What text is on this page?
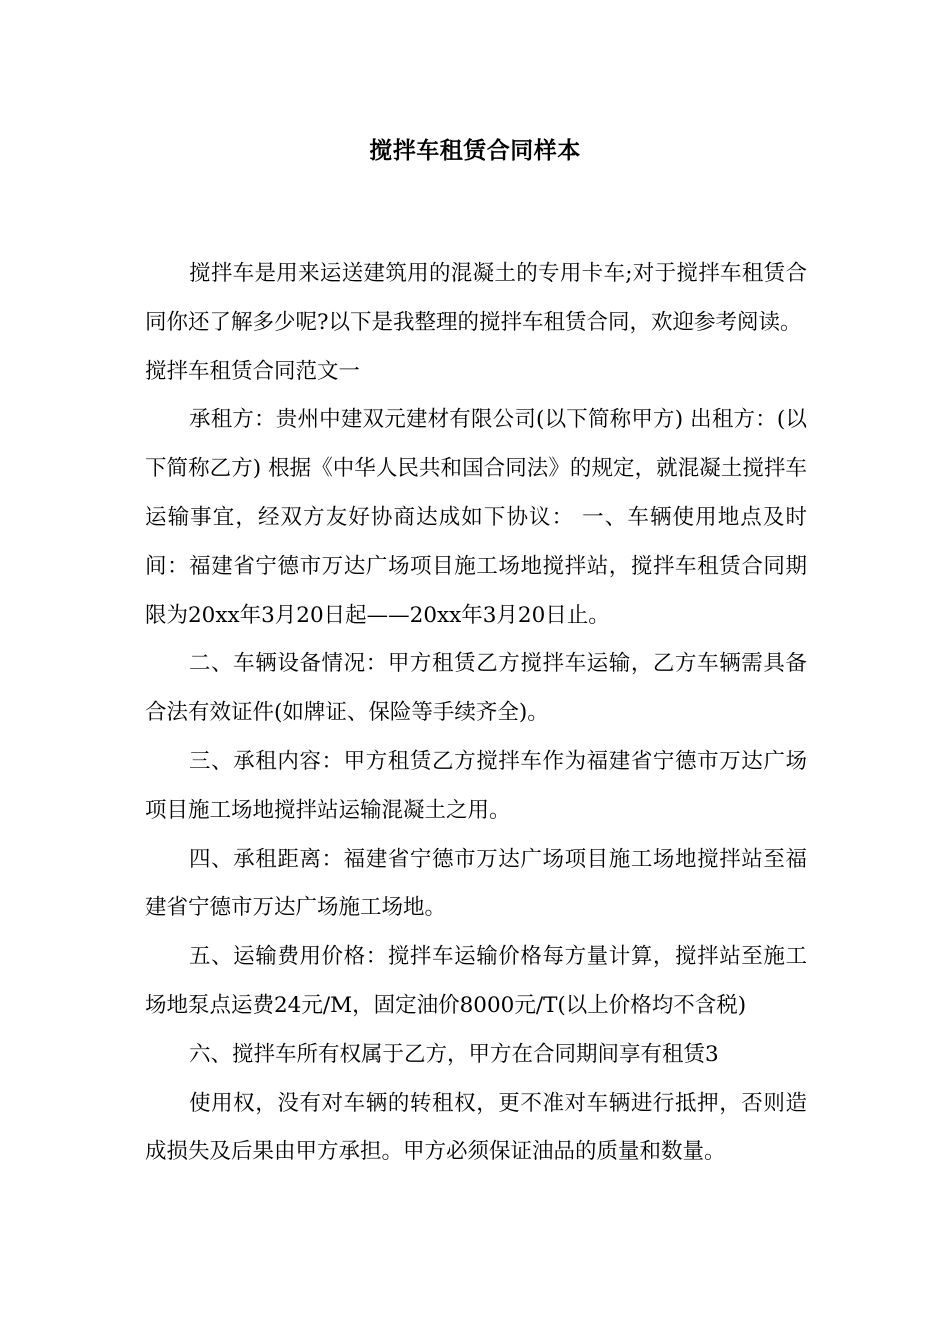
搅拌车租赁合同样本

搅拌车是用来运送建筑用的混凝土的专用卡车;对于搅拌车租赁合同你还了解多少呢?以下是我整理的搅拌车租赁合同，欢迎参考阅读。

搅拌车租赁合同范文一

承租方：贵州中建双元建材有限公司(以下简称甲方) 出租方：(以下简称乙方) 根据《中华人民共和国合同法》的规定，就混凝土搅拌车运输事宜，经双方友好协商达成如下协议： 一、车辆使用地点及时间：福建省宁德市万达广场项目施工场地搅拌站，搅拌车租赁合同期限为20xx年3月20日起——20xx年3月20日止。

二、车辆设备情况：甲方租赁乙方搅拌车运输，乙方车辆需具备合法有效证件(如牌证、保险等手续齐全)。

三、承租内容：甲方租赁乙方搅拌车作为福建省宁德市万达广场项目施工场地搅拌站运输混凝土之用。

四、承租距离：福建省宁德市万达广场项目施工场地搅拌站至福建省宁德市万达广场施工场地。

五、运输费用价格：搅拌车运输价格每方量计算，搅拌站至施工场地泵点运费24元/M，固定油价8000元/T(以上价格均不含税)

六、搅拌车所有权属于乙方，甲方在合同期间享有租赁3

使用权，没有对车辆的转租权，更不准对车辆进行抵押，否则造成损失及后果由甲方承担。甲方必须保证油品的质量和数量。
